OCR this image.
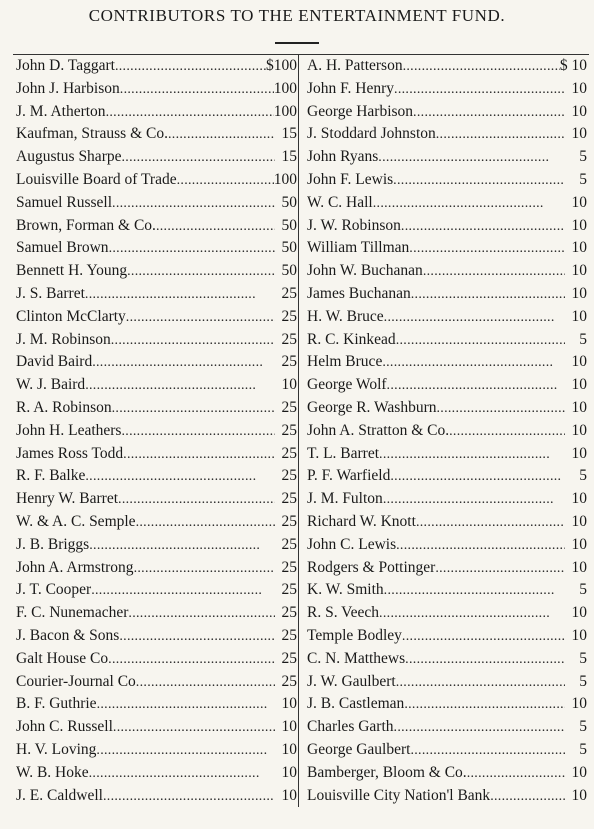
CONTRIBUTORS TO THE ENTERTAINMENT FUND.
John D. Taggart . . .	$100 A. H. Patterson . . .	$ 10
John J. Harbison . . .	100 John F. Henry . . .	10
J. M. Atherton . . .	100 George Harbison . . .	10
Kaufman, Strauss & Co. . . .	15 J. Stoddard Johnston . . .	10
Augustus Sharpe . . .	15 John Ryans . . .	5
Louisville Board of Trade . . .	100 John F. Lewis . . .	5
Samuel Russell . . .	50 W. C. Hall . . .	10
Brown, Forman & Co. . . .	50 J. W. Robinson . . .	10
Samuel Brown . . .	50 William Tillman . . .	10
Bennett H. Young . . .	50 John W. Buchanan . . .	10
J. S. Barret . . .	25 James Buchanan . . .	10
Clinton McClarty . . .	25 H. W. Bruce . . .	10
J. M. Robinson . . .	25 R. C. Kinkead . . .	5
David Baird . . .	25 Helm Bruce . . .	10
W. J. Baird . . .	10 George Wolf . . .	10
R. A. Robinson . . .	25 George R. Washburn . . .	10
John H. Leathers . . .	25 John A. Stratton & Co. . . .	10
James Ross Todd . . .	25 T. L. Barret . . .	10
R. F. Balke . . .	25 P. F. Warfield . . .	5
Henry W. Barret . . .	25 J. M. Fulton . . .	10
W. & A. C. Semple . . .	25 Richard W. Knott . . .	10
J. B. Briggs . . .	25 John C. Lewis . . .	10
John A. Armstrong . . .	25 Rodgers & Pottinger . . .	10
J. T. Cooper . . .	25 K. W. Smith . . .	5
F. C. Nunemacher . . .	25 R. S. Veech . . .	10
J. Bacon & Sons . . .	25 Temple Bodley . . .	10
Galt House Co . . .	25 C. N. Matthews . . .	5
Courier-Journal Co . . .	25 J. W. Gaulbert . . .	5
B. F. Guthrie . . .	10 J. B. Castleman . . .	10
John C. Russell . . .	10 Charles Garth . . .	5
H. V. Loving . . .	10 George Gaulbert . . .	5
W. B. Hoke . . .	10 Bamberger, Bloom & Co. . . .	10
J. E. Caldwell . . .	10 Louisville City Nation'l Bank . . .	10
